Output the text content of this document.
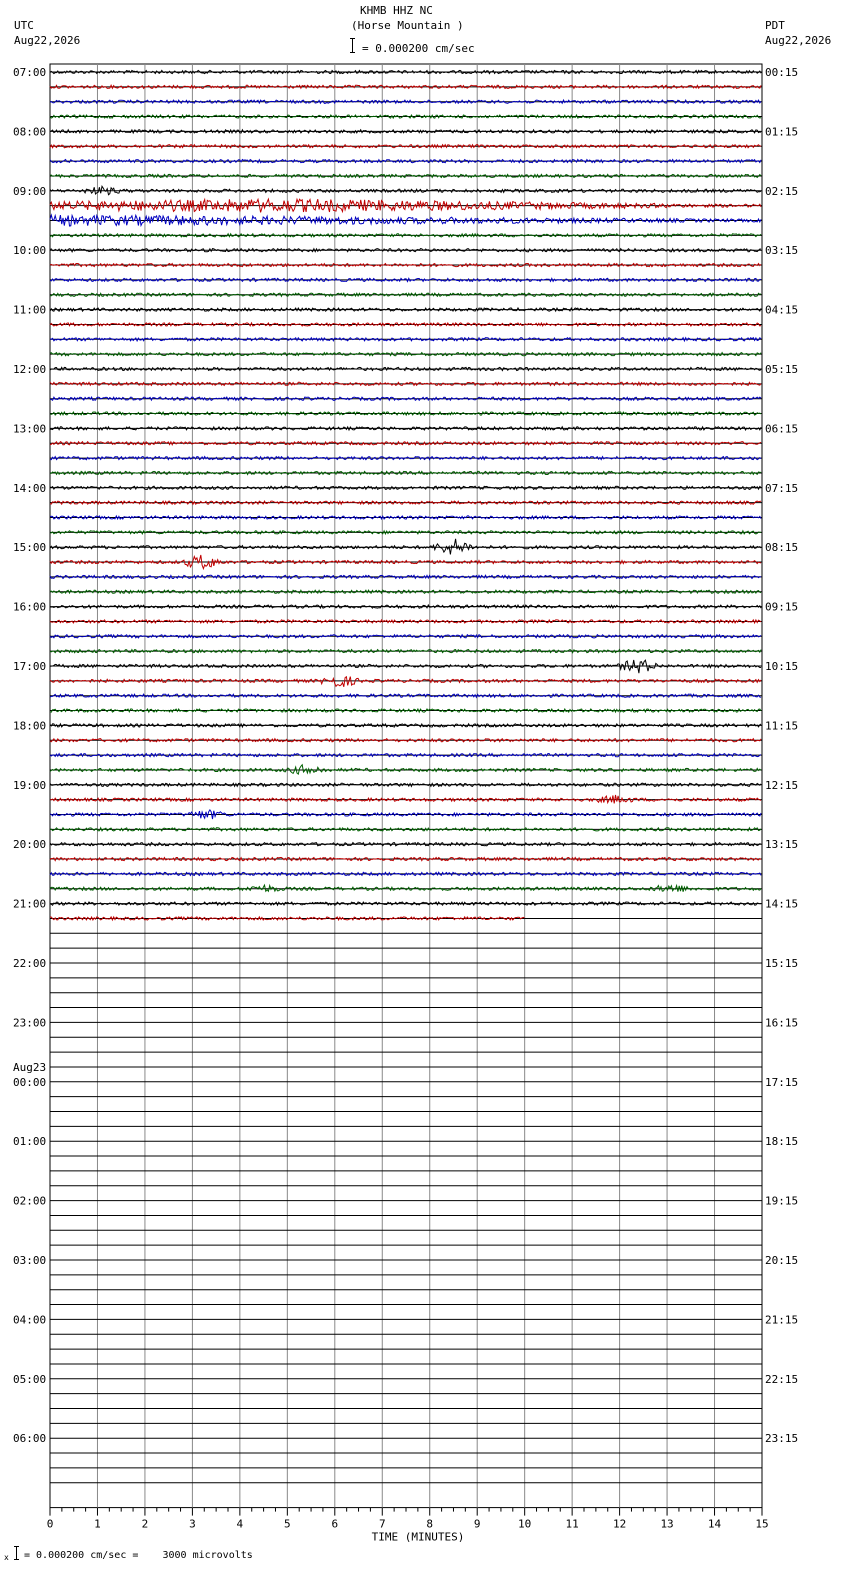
KHMB HHZ NC
(Horse Mountain )
= 0.000200 cm/sec
UTC
Aug22,2026
PDT
Aug22,2026
07:00
08:00
09:00
10:00
11:00
12:00
13:00
14:00
15:00
16:00
17:00
18:00
19:00
20:00
21:00
22:00
23:00
00:00
01:00
02:00
03:00
04:00
05:00
06:00
00:15
01:15
02:15
03:15
04:15
05:15
06:15
07:15
08:15
09:15
10:15
11:15
12:15
13:15
14:15
15:15
16:15
17:15
18:15
19:15
20:15
21:15
22:15
23:15
Aug23
0	1	2	3	4	5	6	7	8	9	10	11	12	13	14	15
TIME (MINUTES)
x = 0.000200 cm/sec =    3000 microvolts
